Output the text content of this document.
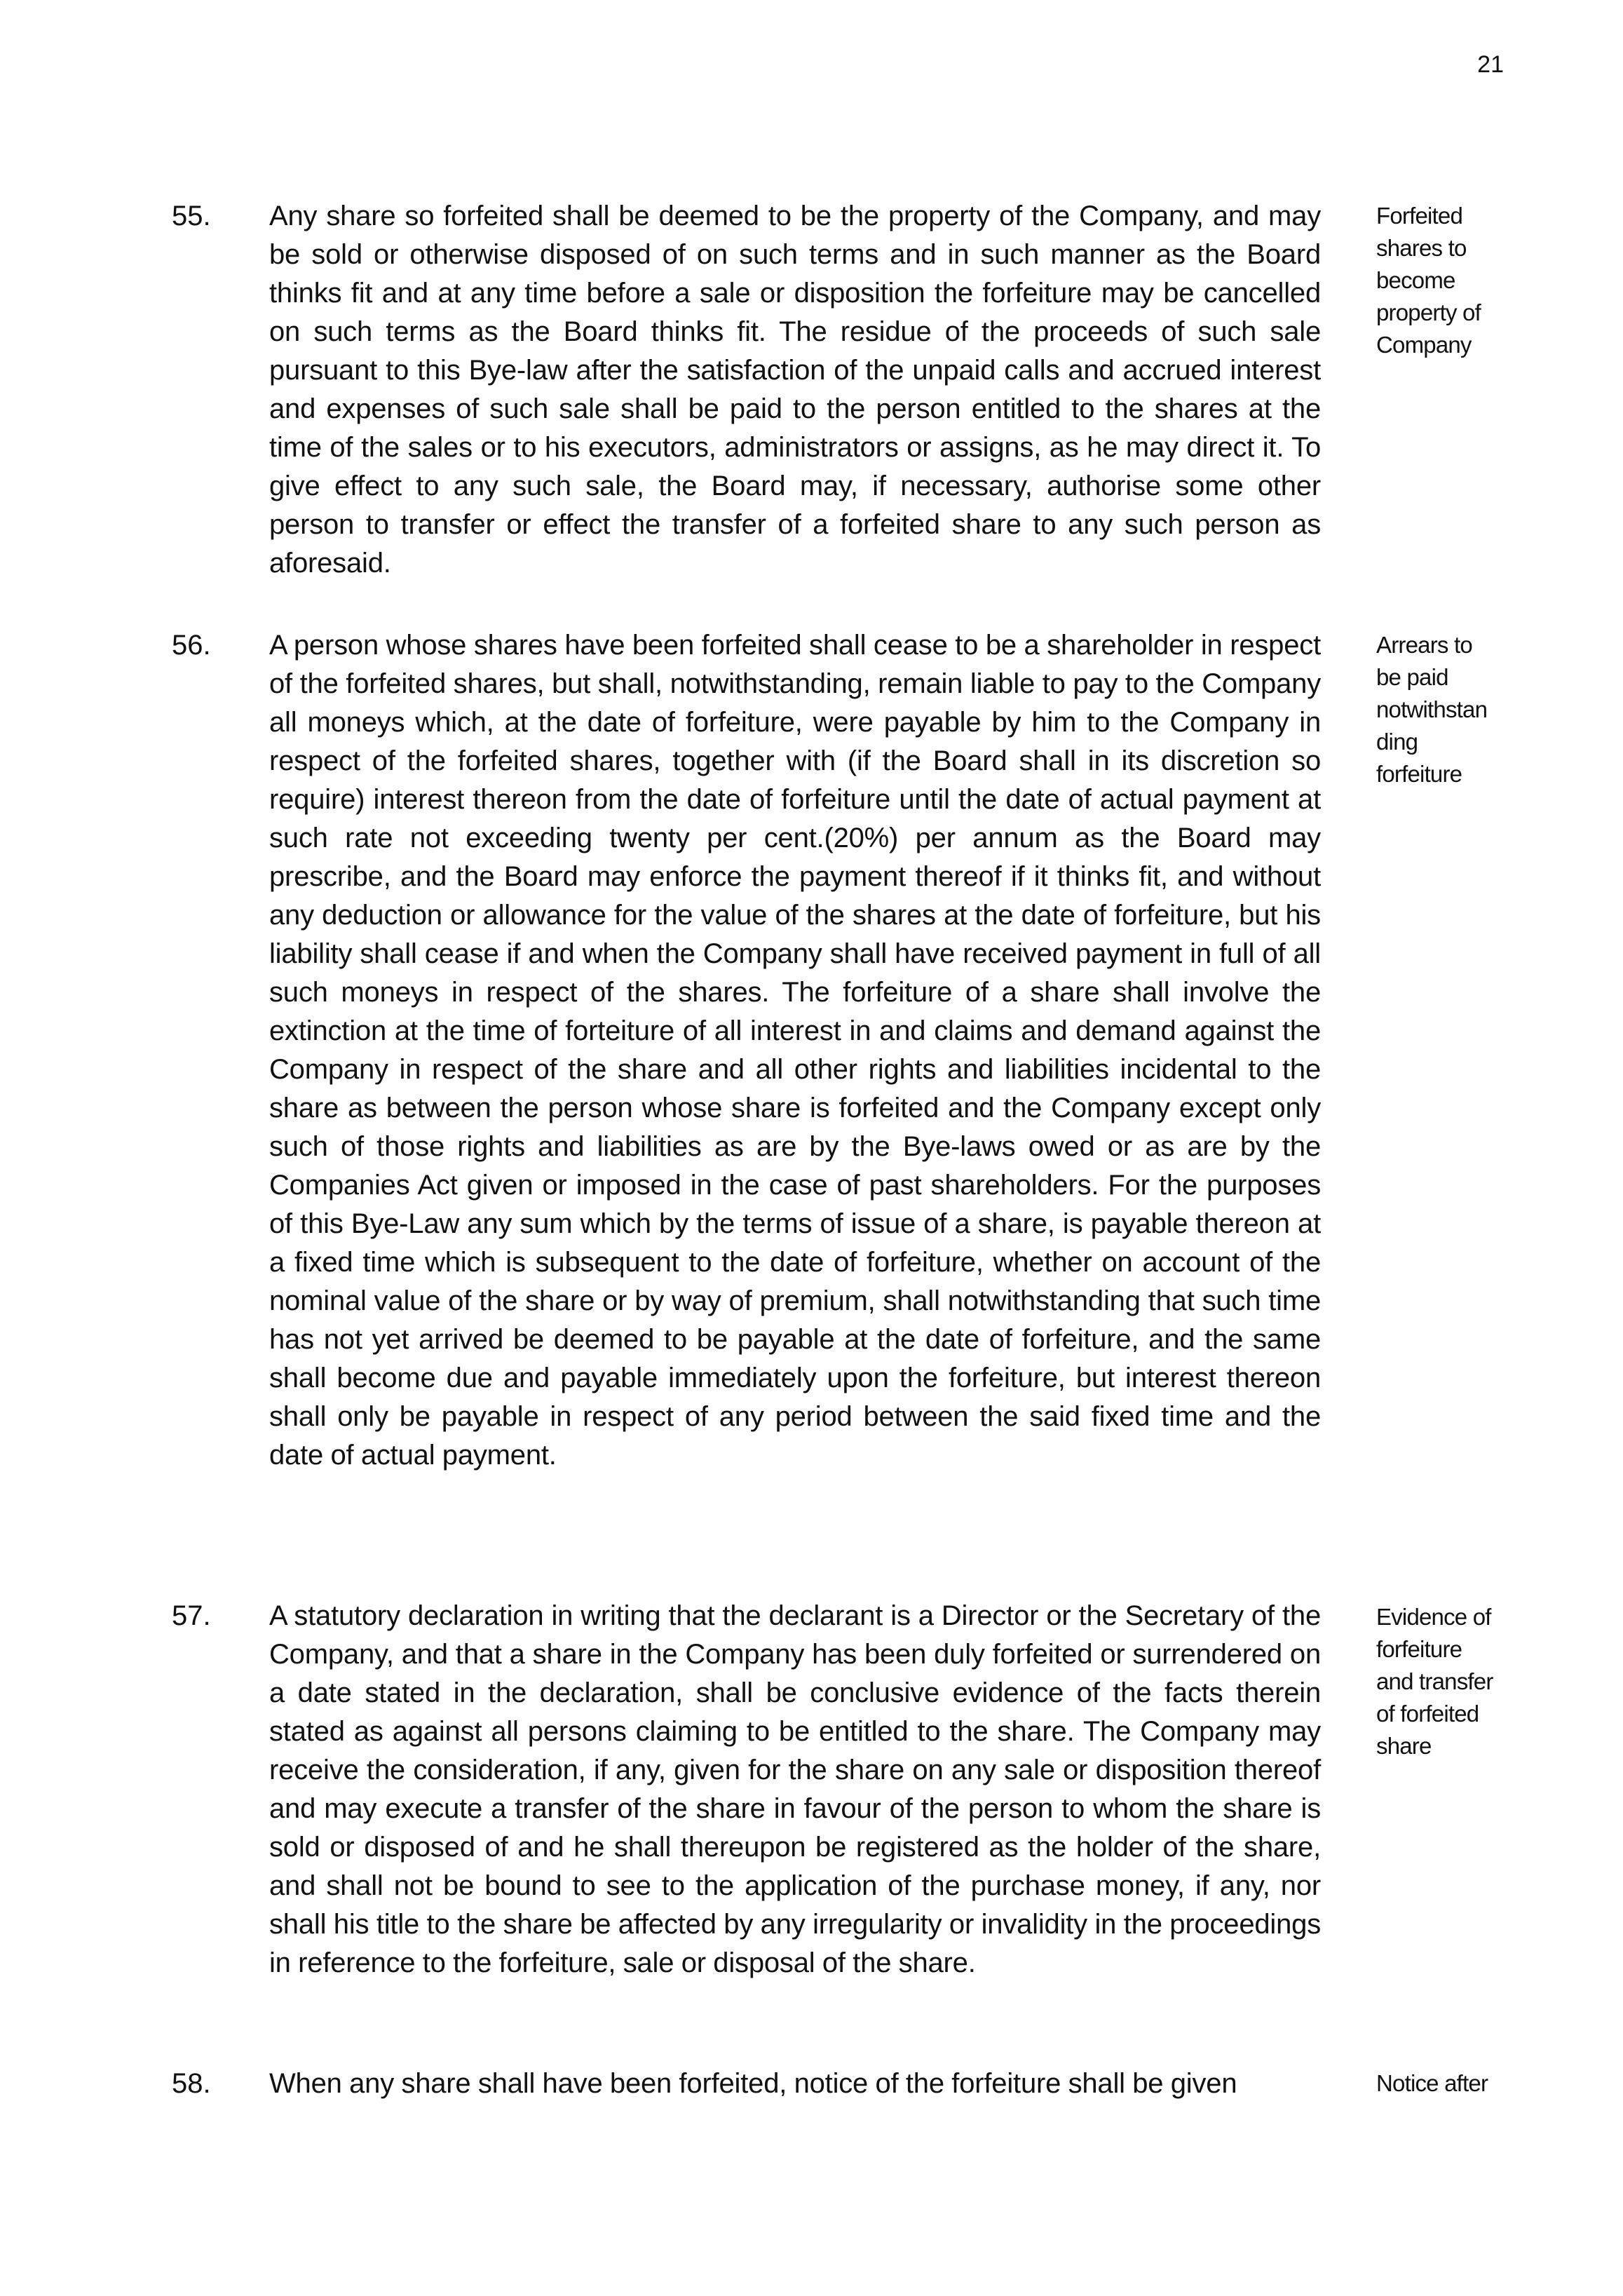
21
55. Any share so forfeited shall be deemed to be the property of the Company, and may be sold or otherwise disposed of on such terms and in such manner as the Board thinks fit and at any time before a sale or disposition the forfeiture may be cancelled on such terms as the Board thinks fit. The residue of the proceeds of such sale pursuant to this Bye-law after the satisfaction of the unpaid calls and accrued interest and expenses of such sale shall be paid to the person entitled to the shares at the time of the sales or to his executors, administrators or assigns, as he may direct it. To give effect to any such sale, the Board may, if necessary, authorise some other person to transfer or effect the transfer of a forfeited share to any such person as aforesaid.
Forfeited
shares to
become
property of
Company
56. A person whose shares have been forfeited shall cease to be a shareholder in respect of the forfeited shares, but shall, notwithstanding, remain liable to pay to the Company all moneys which, at the date of forfeiture, were payable by him to the Company in respect of the forfeited shares, together with (if the Board shall in its discretion so require) interest thereon from the date of forfeiture until the date of actual payment at such rate not exceeding twenty per cent.(20%) per annum as the Board may prescribe, and the Board may enforce the payment thereof if it thinks fit, and without any deduction or allowance for the value of the shares at the date of forfeiture, but his liability shall cease if and when the Company shall have received payment in full of all such moneys in respect of the shares. The forfeiture of a share shall involve the extinction at the time of forteiture of all interest in and claims and demand against the Company in respect of the share and all other rights and liabilities incidental to the share as between the person whose share is forfeited and the Company except only such of those rights and liabilities as are by the Bye-laws owed or as are by the Companies Act given or imposed in the case of past shareholders. For the purposes of this Bye-Law any sum which by the terms of issue of a share, is payable thereon at a fixed time which is subsequent to the date of forfeiture, whether on account of the nominal value of the share or by way of premium, shall notwithstanding that such time has not yet arrived be deemed to be payable at the date of forfeiture, and the same shall become due and payable immediately upon the forfeiture, but interest thereon shall only be payable in respect of any period between the said fixed time and the date of actual payment.
Arrears to
be paid
notwithstan
ding
forfeiture
57. A statutory declaration in writing that the declarant is a Director or the Secretary of the Company, and that a share in the Company has been duly forfeited or surrendered on a date stated in the declaration, shall be conclusive evidence of the facts therein stated as against all persons claiming to be entitled to the share. The Company may receive the consideration, if any, given for the share on any sale or disposition thereof and may execute a transfer of the share in favour of the person to whom the share is sold or disposed of and he shall thereupon be registered as the holder of the share, and shall not be bound to see to the application of the purchase money, if any, nor shall his title to the share be affected by any irregularity or invalidity in the proceedings in reference to the forfeiture, sale or disposal of the share.
Evidence of
forfeiture
and transfer
of forfeited
share
58. When any share shall have been forfeited, notice of the forfeiture shall be given	Notice after
